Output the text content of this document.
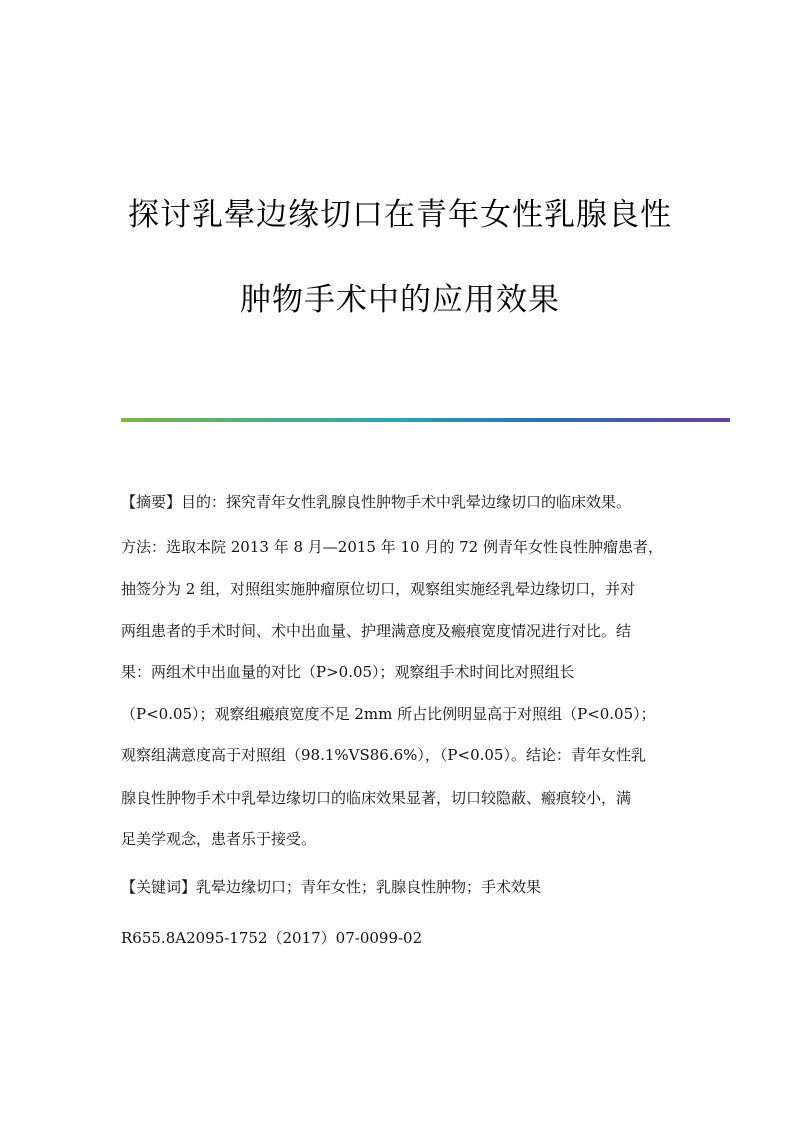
探讨乳晕边缘切口在青年女性乳腺良性
肿物手术中的应用效果
【摘要】目的：探究青年女性乳腺良性肿物手术中乳晕边缘切口的临床效果。
方法：选取本院 2013 年 8 月—2015 年 10 月的 72 例青年女性良性肿瘤患者，
抽签分为 2 组，对照组实施肿瘤原位切口，观察组实施经乳晕边缘切口，并对
两组患者的手术时间、术中出血量、护理满意度及瘢痕宽度情况进行对比。结
果：两组术中出血量的对比（P>0.05）；观察组手术时间比对照组长
（P<0.05）；观察组瘢痕宽度不足 2mm 所占比例明显高于对照组（P<0.05）；
观察组满意度高于对照组（98.1%VS86.6%），（P<0.05）。结论：青年女性乳
腺良性肿物手术中乳晕边缘切口的临床效果显著，切口较隐蔽、瘢痕较小，满
足美学观念，患者乐于接受。
【关键词】乳晕边缘切口；青年女性；乳腺良性肿物；手术效果
R655.8A2095-1752（2017）07-0099-02
